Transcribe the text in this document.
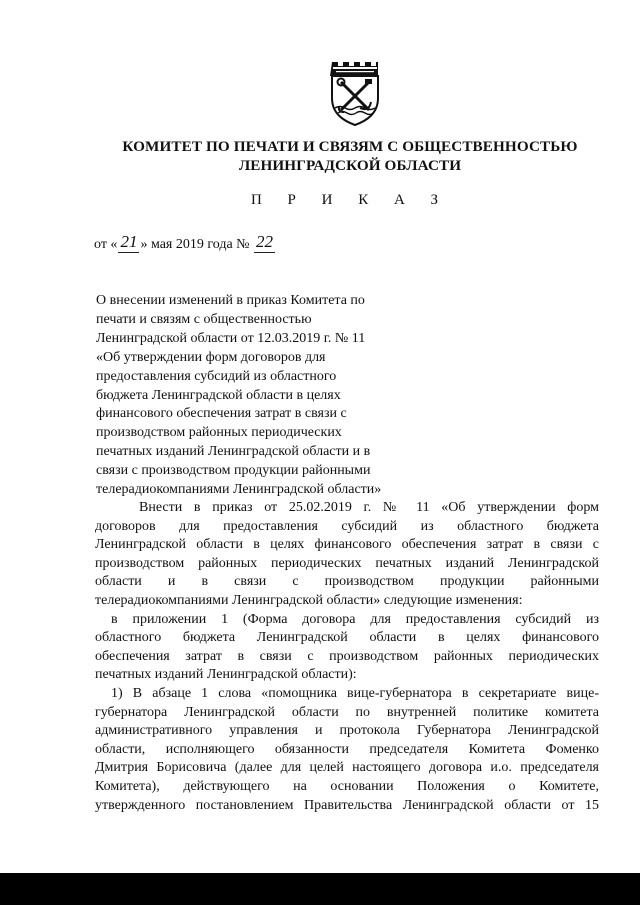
КОМИТЕТ ПО ПЕЧАТИ И СВЯЗЯМ С ОБЩЕСТВЕННОСТЬЮ
ЛЕНИНГРАДСКОЙ ОБЛАСТИ
П Р И К А З
от « 21 » мая 2019 года № 22
О внесении изменений в приказ Комитета по
печати и связям с общественностью
Ленинградской области от 12.03.2019 г. № 11
«Об утверждении форм договоров для
предоставления субсидий из областного
бюджета Ленинградской области в целях
финансового обеспечения затрат в связи с
производством районных периодических
печатных изданий Ленинградской области и в
связи с производством продукции районными
телерадиокомпаниями Ленинградской области»
Внести в приказ от 25.02.2019 г. № 11 «Об утверждении форм
договоров для предоставления субсидий из областного бюджета
Ленинградской области в целях финансового обеспечения затрат в связи с
производством районных периодических печатных изданий Ленинградской
области и в связи с производством продукции районными
телерадиокомпаниями Ленинградской области» следующие изменения:
в приложении 1 (Форма договора для предоставления субсидий из
областного бюджета Ленинградской области в целях финансового
обеспечения затрат в связи с производством районных периодических
печатных изданий Ленинградской области):
1) В абзаце 1 слова «помощника вице-губернатора в секретариате вице-
губернатора Ленинградской области по внутренней политике комитета
административного управления и протокола Губернатора Ленинградской
области, исполняющего обязанности председателя Комитета Фоменко
Дмитрия Борисовича (далее для целей настоящего договора и.о. председателя
Комитета), действующего на основании Положения о Комитете,
утвержденного постановлением Правительства Ленинградской области от 15
